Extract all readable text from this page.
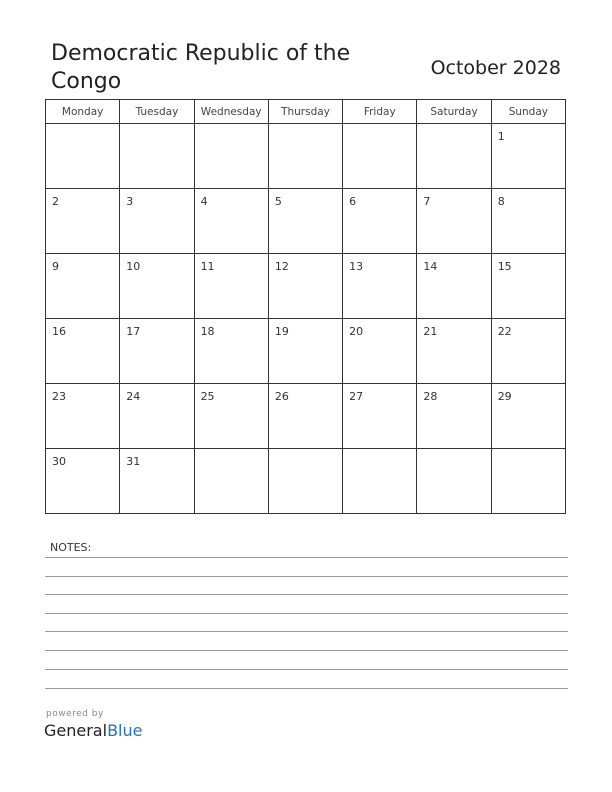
Democratic Republic of the Congo
October 2028
Monday	Tuesday	Wednesday	Thursday	Friday	Saturday	Sunday

						1

2	3	4	5	6	7	8

9	10	11	12	13	14	15

16	17	18	19	20	21	22

23	24	25	26	27	28	29

30	31					

NOTES:
powered by
GeneralBlue
